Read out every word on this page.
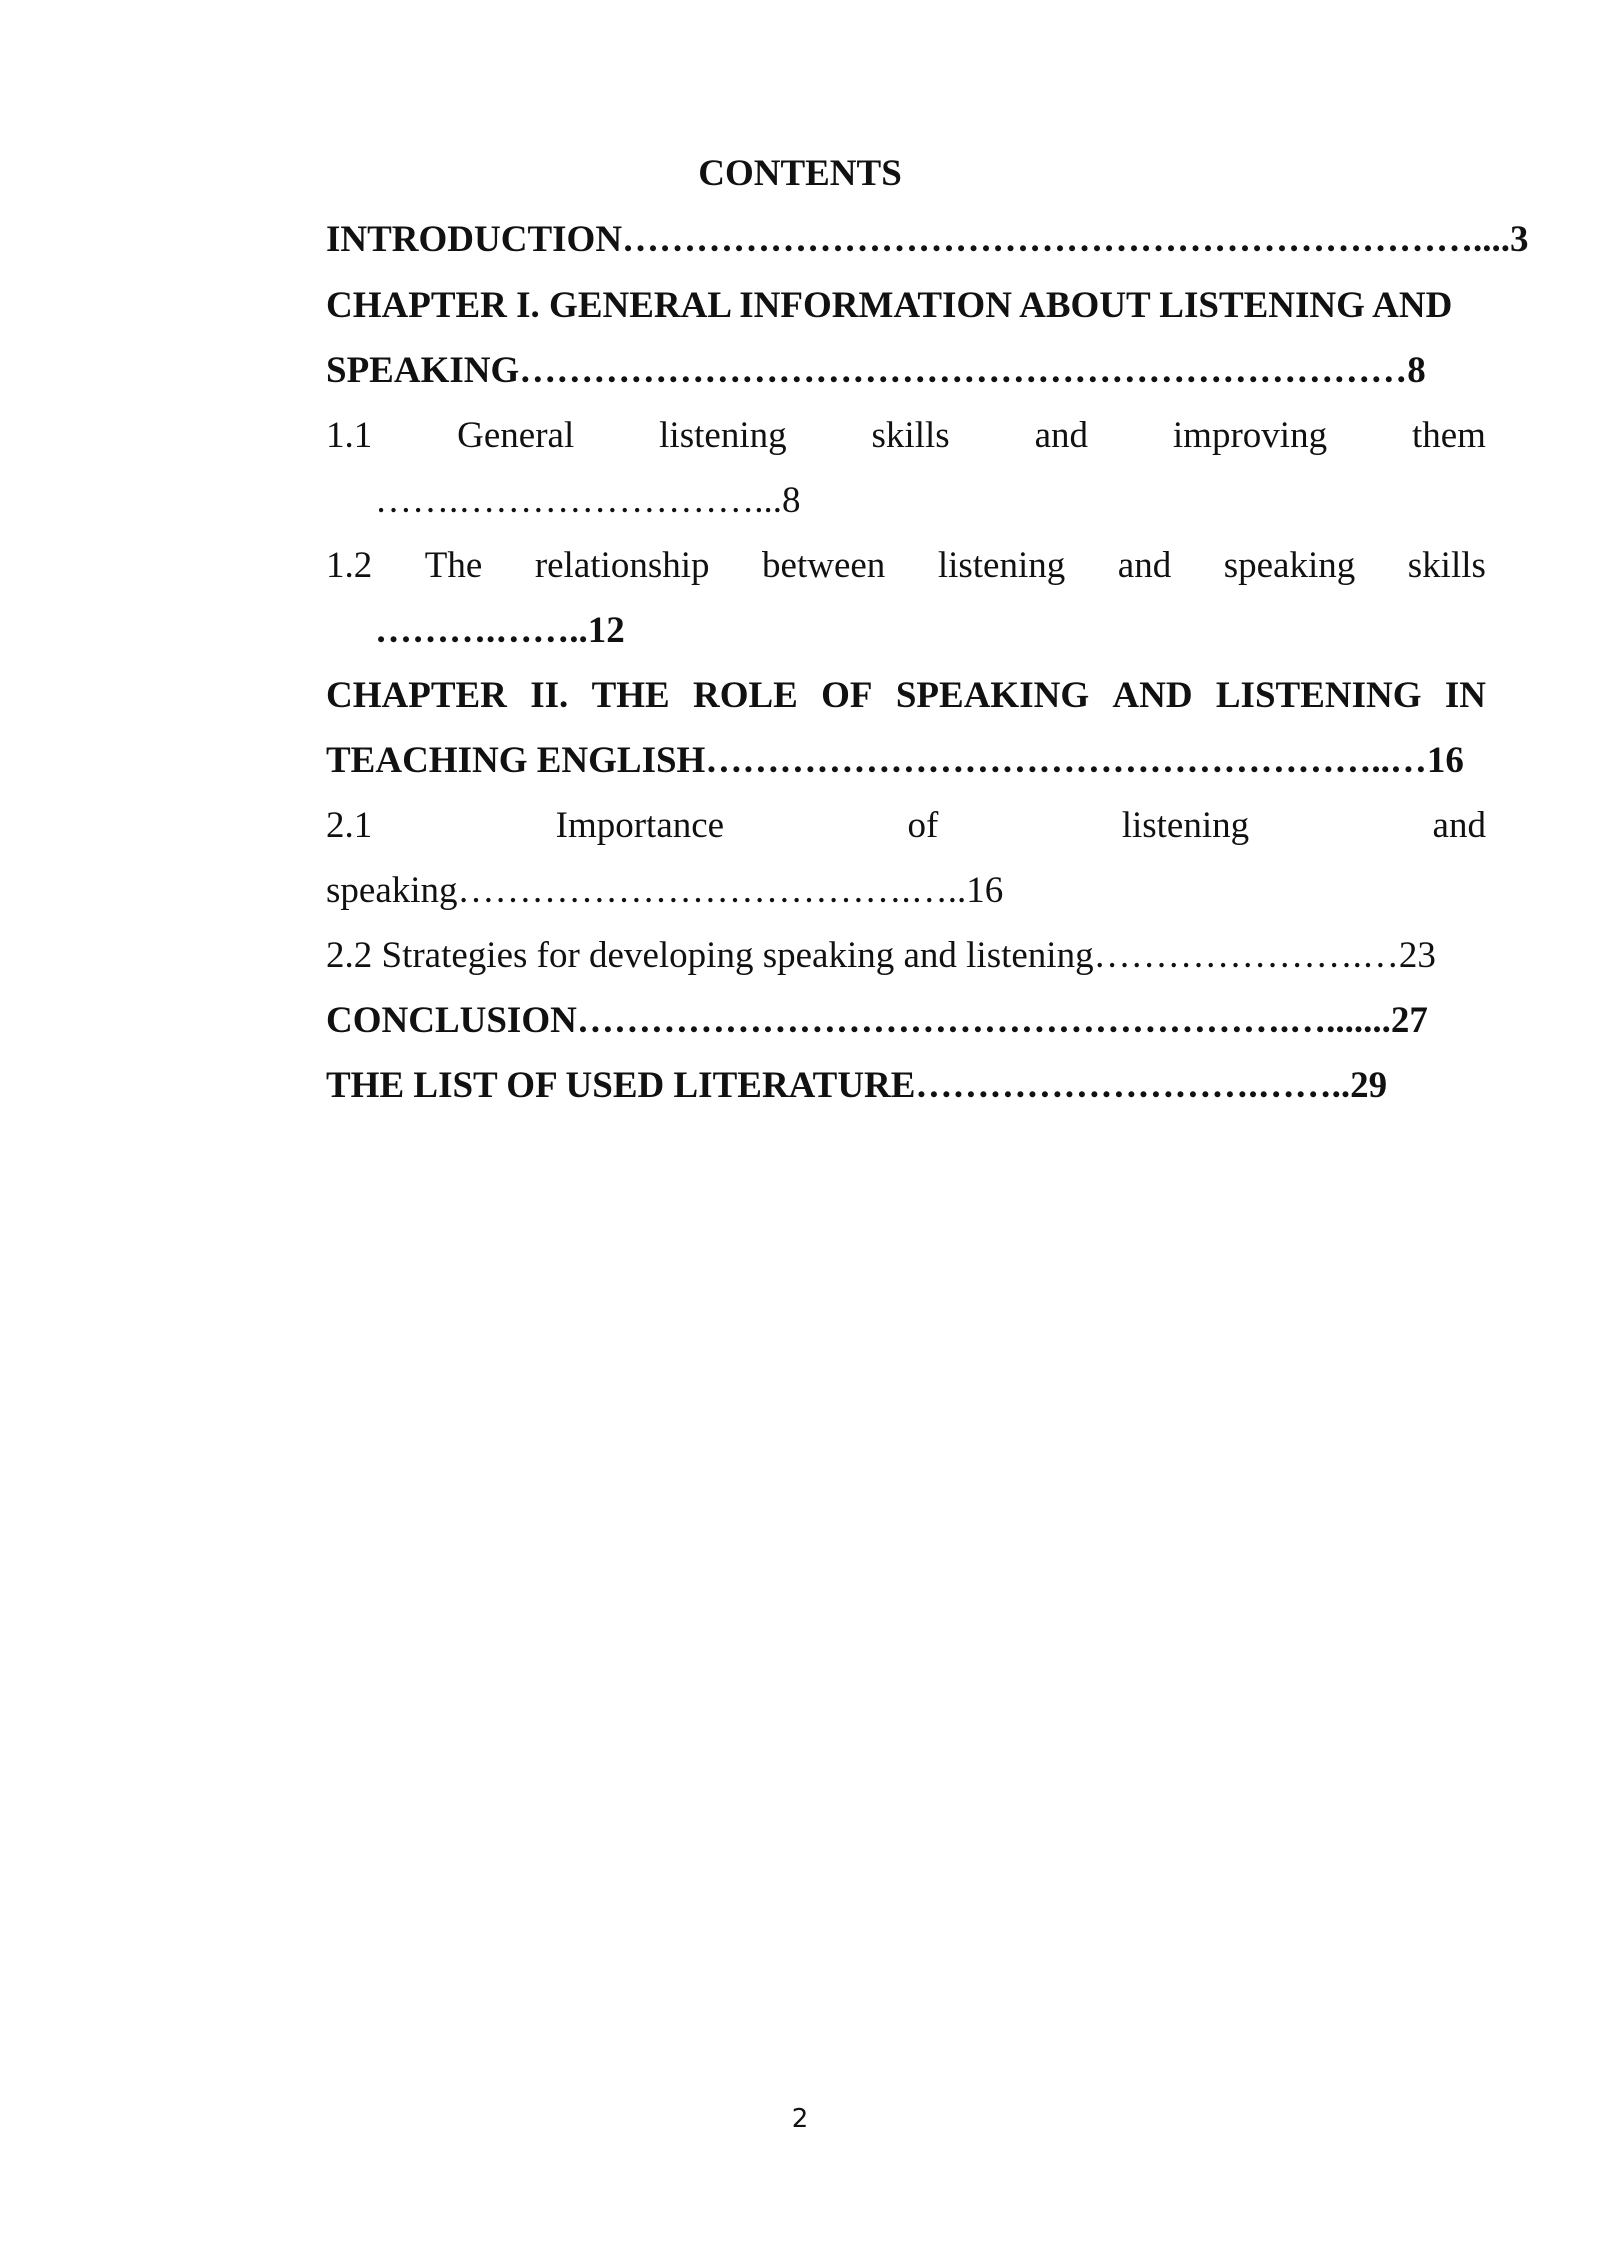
CONTENTS
INTRODUCTION……………………………………………………………....3
CHAPTER I. GENERAL INFORMATION ABOUT LISTENING AND
SPEAKING………………………………………………………………8
1.1 General listening skills and improving them
…….……………………...8
1.2 The relationship between listening and speaking skills
……….……..12
CHAPTER II. THE ROLE OF SPEAKING AND LISTENING IN
TEACHING ENGLISH………………………………………………..…16
2.1	Importance	of	listening	and
speaking……………………………….…..16
2.2 Strategies for developing speaking and listening………………….…23
CONCLUSION………………………………………………….….......27
THE LIST OF USED LITERATURE……………………….……..29
2
